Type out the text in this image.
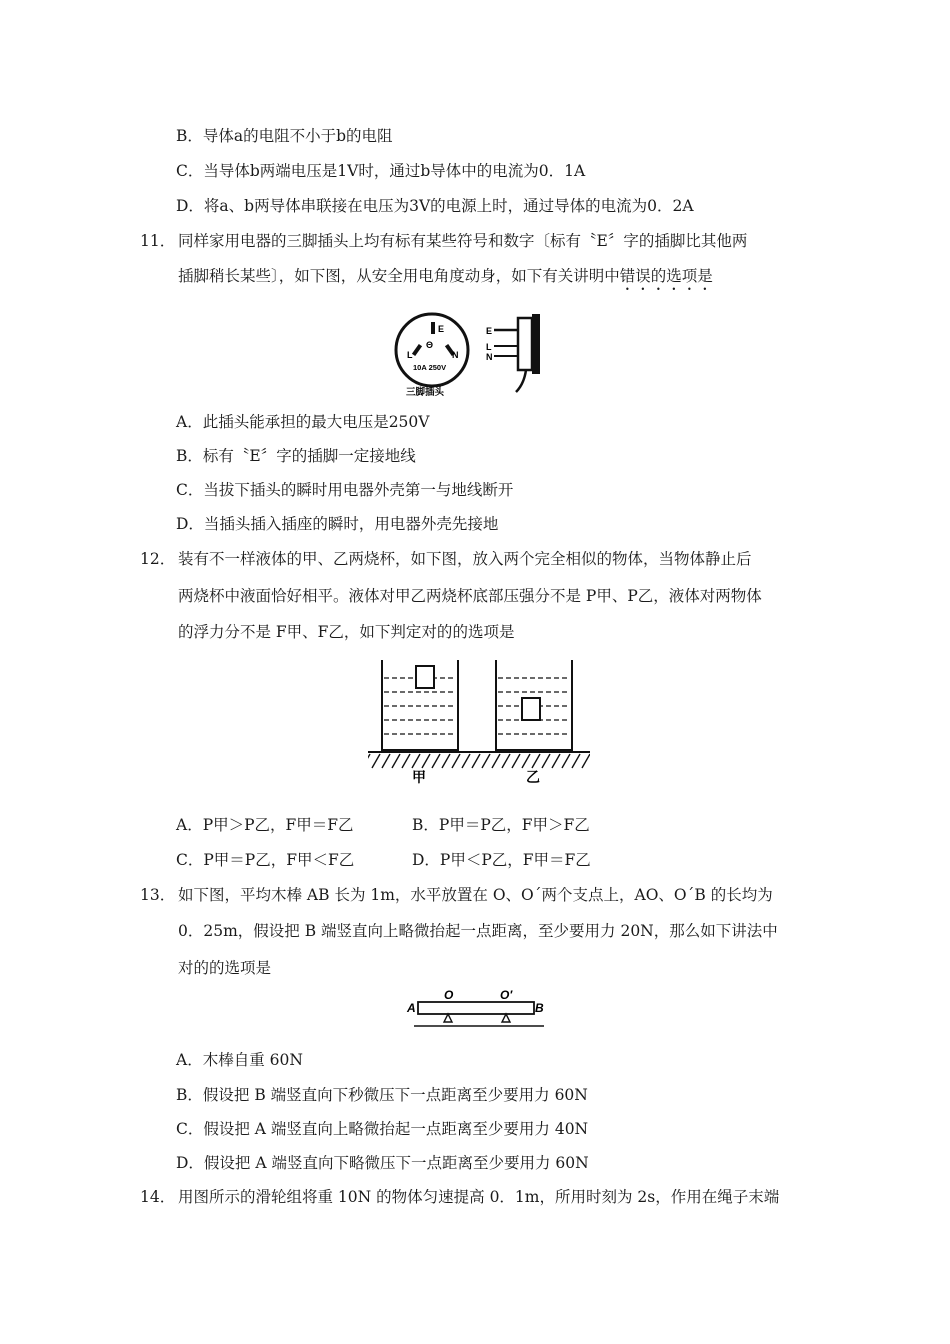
B．导体a的电阻不小于b的电阻
C．当导体b两端电压是1V时，通过b导体中的电流为0．1A
D．将a、b两导体串联接在电压为3V的电源上时，通过导体的电流为0．2A
11． 同样家用电器的三脚插头上均有标有某些符号和数字〔标有〝E〞字的插脚比其他两
插脚稍长某些〕，如下图，从安全用电角度动身，如下有关讲明中错误的选项是
E
Θ
L	N
10A 250V
三脚插头
E
L
N
A．此插头能承担的最大电压是250V
B．标有〝E〞字的插脚一定接地线
C．当拔下插头的瞬时用电器外壳第一与地线断开
D．当插头插入插座的瞬时，用电器外壳先接地
12． 装有不一样液体的甲、乙两烧杯，如下图，放入两个完全相似的物体，当物体静止后
两烧杯中液面恰好相平。液体对甲乙两烧杯底部压强分不是 P甲、P乙，液体对两物体
的浮力分不是 F甲、F乙，如下判定对的的选项是
甲	乙
A．P甲＞P乙，F甲＝F乙	B．P甲＝P乙，F甲＞F乙
C．P甲＝P乙，F甲＜F乙	D．P甲＜P乙，F甲＝F乙
13． 如下图，平均木棒 AB 长为 1m，水平放置在 O、O´两个支点上，AO、O´B 的长均为
0．25m，假设把 B 端竖直向上略微抬起一点距离，至少要用力 20N，那么如下讲法中
对的的选项是
A
O	O′
B
A．木棒自重 60N
B．假设把 B 端竖直向下秒微压下一点距离至少要用力 60N
C．假设把 A 端竖直向上略微抬起一点距离至少要用力 40N
D．假设把 A 端竖直向下略微压下一点距离至少要用力 60N
14． 用图所示的滑轮组将重 10N 的物体匀速提高 0．1m，所用时刻为 2s，作用在绳子末端
